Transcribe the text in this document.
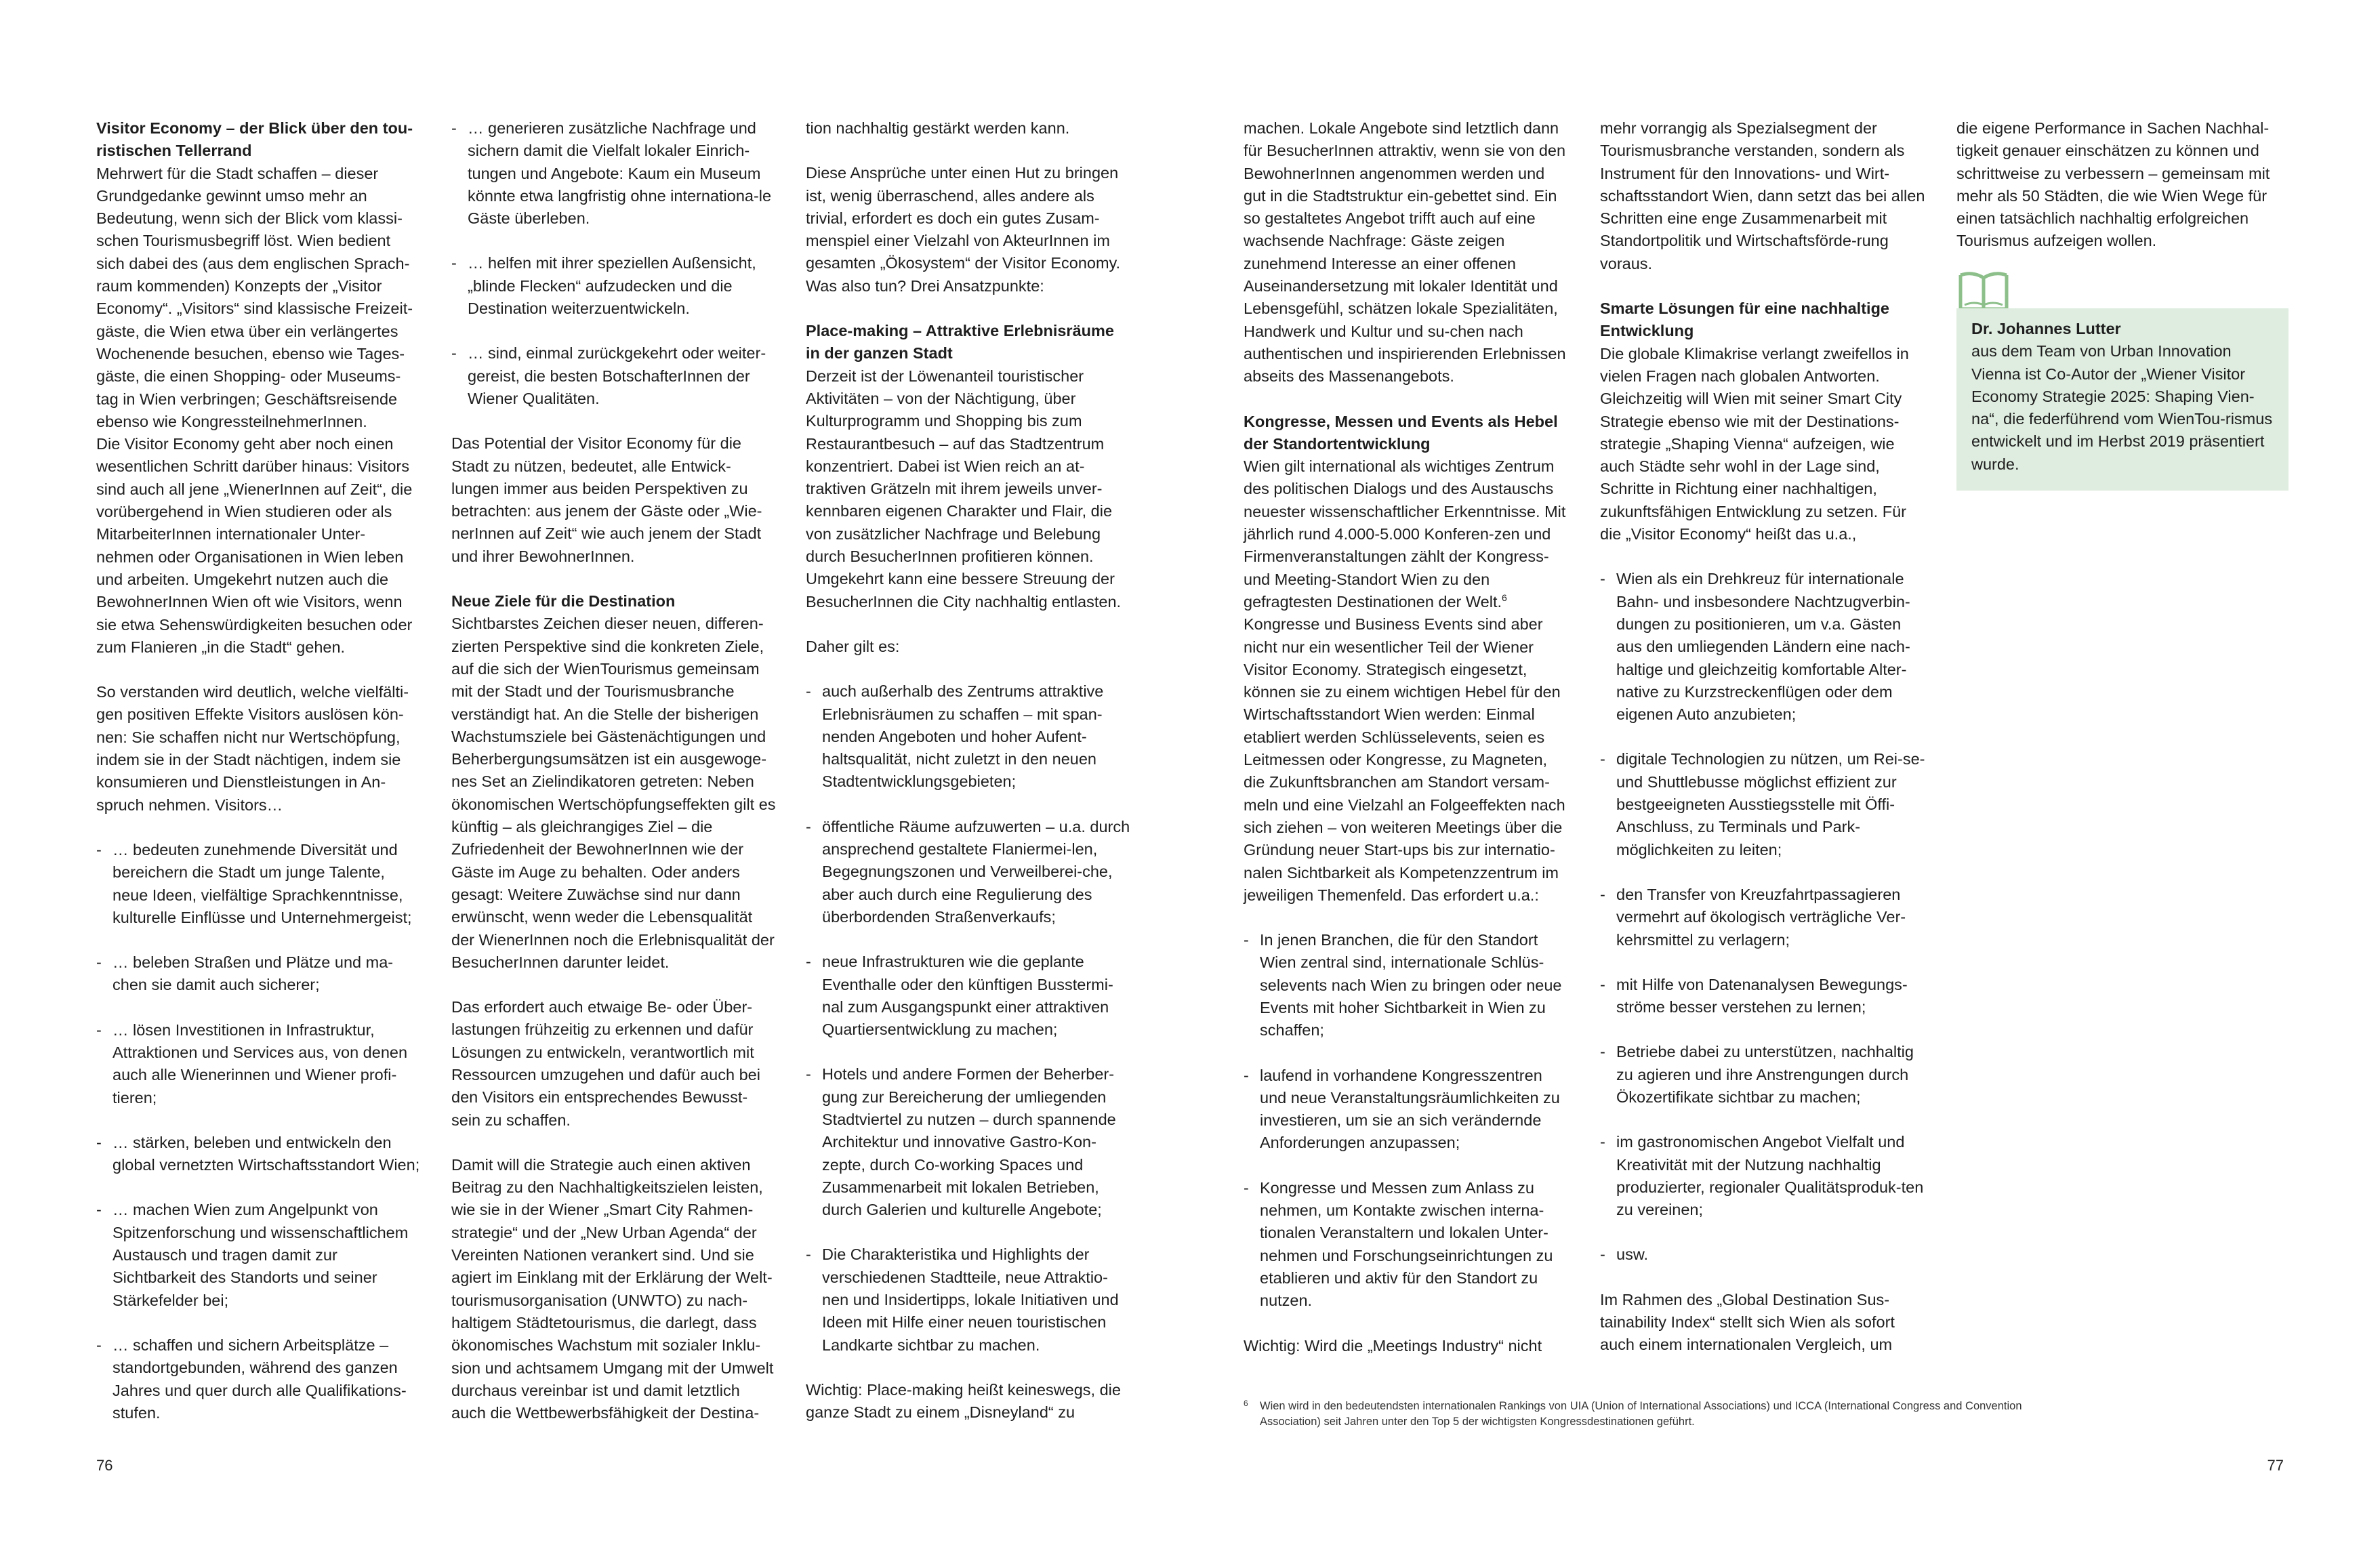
Visitor Economy – der Blick über den tou-
ristischen Tellerrand

Mehrwert für die Stadt schaffen – dieser Grundgedanke gewinnt umso mehr an Bedeutung, wenn sich der Blick vom klassi-schen Tourismusbegriff löst. Wien bedient sich dabei des (aus dem englischen Sprach-raum kommenden) Konzepts der „Visitor Economy“. „Visitors“ sind klassische Freizeit-gäste, die Wien etwa über ein verlängertes Wochenende besuchen, ebenso wie Tages-gäste, die einen Shopping- oder Museums-tag in Wien verbringen; Geschäftsreisende ebenso wie KongressteilnehmerInnen.

Die Visitor Economy geht aber noch einen wesentlichen Schritt darüber hinaus: Visitors sind auch all jene „WienerInnen auf Zeit“, die vorübergehend in Wien studieren oder als MitarbeiterInnen internationaler Unter-nehmen oder Organisationen in Wien leben und arbeiten. Umgekehrt nutzen auch die BewohnerInnen Wien oft wie Visitors, wenn sie etwa Sehenswürdigkeiten besuchen oder zum Flanieren „in die Stadt“ gehen.

So verstanden wird deutlich, welche vielfälti-gen positiven Effekte Visitors auslösen kön-nen: Sie schaffen nicht nur Wertschöpfung, indem sie in der Stadt nächtigen, indem sie konsumieren und Dienstleistungen in An-spruch nehmen. Visitors…

- … bedeuten zunehmende Diversität und bereichern die Stadt um junge Talente, neue Ideen, vielfältige Sprachkenntnisse, kulturelle Einflüsse und Unternehmergeist;
- … beleben Straßen und Plätze und ma-chen sie damit auch sicherer;
- … lösen Investitionen in Infrastruktur, Attraktionen und Services aus, von denen auch alle Wienerinnen und Wiener profi-tieren;
- … stärken, beleben und entwickeln den global vernetzten Wirtschaftsstandort Wien;
- … machen Wien zum Angelpunkt von Spitzenforschung und wissenschaftlichem Austausch und tragen damit zur Sichtbarkeit des Standorts und seiner Stärkefelder bei;
- … schaffen und sichern Arbeitsplätze – standortgebunden, während des ganzen Jahres und quer durch alle Qualifikations-stufen.
- … generieren zusätzliche Nachfrage und sichern damit die Vielfalt lokaler Einrich-tungen und Angebote: Kaum ein Museum könnte etwa langfristig ohne internationa-le Gäste überleben.
- … helfen mit ihrer speziellen Außensicht, „blinde Flecken“ aufzudecken und die Destination weiterzuentwickeln.
- … sind, einmal zurückgekehrt oder weiter-gereist, die besten BotschafterInnen der Wiener Qualitäten.

Das Potential der Visitor Economy für die Stadt zu nützen, bedeutet, alle Entwick-lungen immer aus beiden Perspektiven zu betrachten: aus jenem der Gäste oder „Wie-nerInnen auf Zeit“ wie auch jenem der Stadt und ihrer BewohnerInnen.

Neue Ziele für die Destination

Sichtbarstes Zeichen dieser neuen, differen-zierten Perspektive sind die konkreten Ziele, auf die sich der WienTourismus gemeinsam mit der Stadt und der Tourismusbranche verständigt hat. An die Stelle der bisherigen Wachstumsziele bei Gästenächtigungen und Beherbergungsumsätzen ist ein ausgewoge-nes Set an Zielindikatoren getreten: Neben ökonomischen Wertschöpfungseffekten gilt es künftig – als gleichrangiges Ziel – die Zufriedenheit der BewohnerInnen wie der Gäste im Auge zu behalten. Oder anders gesagt: Weitere Zuwächse sind nur dann erwünscht, wenn weder die Lebensqualität der WienerInnen noch die Erlebnisqualität der BesucherInnen darunter leidet.

Das erfordert auch etwaige Be- oder Über-lastungen frühzeitig zu erkennen und dafür Lösungen zu entwickeln, verantwortlich mit Ressourcen umzugehen und dafür auch bei den Visitors ein entsprechendes Bewusst-sein zu schaffen.

Damit will die Strategie auch einen aktiven Beitrag zu den Nachhaltigkeitszielen leisten, wie sie in der Wiener „Smart City Rahmen-strategie“ und der „New Urban Agenda“ der Vereinten Nationen verankert sind. Und sie agiert im Einklang mit der Erklärung der Welt-tourismusorganisation (UNWTO) zu nach-haltigem Städtetourismus, die darlegt, dass ökonomisches Wachstum mit sozialer Inklu-sion und achtsamem Umgang mit der Umwelt durchaus vereinbar ist und damit letztlich auch die Wettbewerbsfähigkeit der Destina-

tion nachhaltig gestärkt werden kann.

Diese Ansprüche unter einen Hut zu bringen ist, wenig überraschend, alles andere als trivial, erfordert es doch ein gutes Zusam-menspiel einer Vielzahl von AkteurInnen im gesamten „Ökosystem“ der Visitor Economy. Was also tun? Drei Ansatzpunkte:

Place-making – Attraktive Erlebnisräume
in der ganzen Stadt

Derzeit ist der Löwenanteil touristischer Aktivitäten – von der Nächtigung, über Kulturprogramm und Shopping bis zum Restaurantbesuch – auf das Stadtzentrum konzentriert. Dabei ist Wien reich an at-traktiven Grätzeln mit ihrem jeweils unver-kennbaren eigenen Charakter und Flair, die von zusätzlicher Nachfrage und Belebung durch BesucherInnen profitieren können. Umgekehrt kann eine bessere Streuung der BesucherInnen die City nachhaltig entlasten.

Daher gilt es:

- auch außerhalb des Zentrums attraktive Erlebnisräumen zu schaffen – mit span-nenden Angeboten und hoher Aufent-haltsqualität, nicht zuletzt in den neuen Stadtentwicklungsgebieten;
- öffentliche Räume aufzuwerten – u.a. durch ansprechend gestaltete Flaniermei-len, Begegnungszonen und Verweilberei-che, aber auch durch eine Regulierung des überbordenden Straßenverkaufs;
- neue Infrastrukturen wie die geplante Eventhalle oder den künftigen Busstermi-nal zum Ausgangspunkt einer attraktiven Quartiersentwicklung zu machen;
- Hotels und andere Formen der Beherber-gung zur Bereicherung der umliegenden Stadtviertel zu nutzen – durch spannende Architektur und innovative Gastro-Kon-zepte, durch Co-working Spaces und Zusammenarbeit mit lokalen Betrieben, durch Galerien und kulturelle Angebote;
- Die Charakteristika und Highlights der verschiedenen Stadtteile, neue Attraktio-nen und Insidertipps, lokale Initiativen und Ideen mit Hilfe einer neuen touristischen Landkarte sichtbar zu machen.

Wichtig: Place-making heißt keineswegs, die ganze Stadt zu einem „Disneyland“ zu

machen. Lokale Angebote sind letztlich dann für BesucherInnen attraktiv, wenn sie von den BewohnerInnen angenommen werden und gut in die Stadtstruktur ein-gebettet sind. Ein so gestaltetes Angebot trifft auch auf eine wachsende Nachfrage: Gäste zeigen zunehmend Interesse an einer offenen Auseinandersetzung mit lokaler Identität und Lebensgefühl, schätzen lokale Spezialitäten, Handwerk und Kultur und su-chen nach authentischen und inspirierenden Erlebnissen abseits des Massenangebots.

Kongresse, Messen und Events als Hebel
der Standortentwicklung

Wien gilt international als wichtiges Zentrum des politischen Dialogs und des Austauschs neuester wissenschaftlicher Erkenntnisse. Mit jährlich rund 4.000-5.000 Konferen-zen und Firmenveranstaltungen zählt der Kongress- und Meeting-Standort Wien zu den gefragtesten Destinationen der Welt.$^6$ Kongresse und Business Events sind aber nicht nur ein wesentlicher Teil der Wiener Visitor Economy. Strategisch eingesetzt, können sie zu einem wichtigen Hebel für den Wirtschaftsstandort Wien werden: Einmal etabliert werden Schlüsselevents, seien es Leitmessen oder Kongresse, zu Magneten, die Zukunftsbranchen am Standort versam-meln und eine Vielzahl an Folgeeffekten nach sich ziehen – von weiteren Meetings über die Gründung neuer Start-ups bis zur internatio-nalen Sichtbarkeit als Kompetenzzentrum im jeweiligen Themenfeld. Das erfordert u.a.:

- In jenen Branchen, die für den Standort Wien zentral sind, internationale Schlüs-selevents nach Wien zu bringen oder neue Events mit hoher Sichtbarkeit in Wien zu schaffen;
- laufend in vorhandene Kongresszentren und neue Veranstaltungsräumlichkeiten zu investieren, um sie an sich verändernde Anforderungen anzupassen;
- Kongresse und Messen zum Anlass zu nehmen, um Kontakte zwischen interna-tionalen Veranstaltern und lokalen Unter-nehmen und Forschungseinrichtungen zu etablieren und aktiv für den Standort zu nutzen.

Wichtig: Wird die „Meetings Industry“ nicht

mehr vorrangig als Spezialsegment der Tourismusbranche verstanden, sondern als Instrument für den Innovations- und Wirt-schaftsstandort Wien, dann setzt das bei allen Schritten eine enge Zusammenarbeit mit Standortpolitik und Wirtschaftsförde-rung voraus.

Smarte Lösungen für eine nachhaltige
Entwicklung

Die globale Klimakrise verlangt zweifellos in vielen Fragen nach globalen Antworten. Gleichzeitig will Wien mit seiner Smart City Strategie ebenso wie mit der Destinations-strategie „Shaping Vienna“ aufzeigen, wie auch Städte sehr wohl in der Lage sind, Schritte in Richtung einer nachhaltigen, zukunftsfähigen Entwicklung zu setzen. Für die „Visitor Economy“ heißt das u.a.,

- Wien als ein Drehkreuz für internationale Bahn- und insbesondere Nachtzugverbin-dungen zu positionieren, um v.a. Gästen aus den umliegenden Ländern eine nach-haltige und gleichzeitig komfortable Alter-native zu Kurzstreckenflügen oder dem eigenen Auto anzubieten;
- digitale Technologien zu nützen, um Rei-se- und Shuttlebusse möglichst effizient zur bestgeeigneten Ausstiegsstelle mit Öffi-Anschluss, zu Terminals und Park-möglichkeiten zu leiten;
- den Transfer von Kreuzfahrtpassagieren vermehrt auf ökologisch verträgliche Ver-kehrsmittel zu verlagern;
- mit Hilfe von Datenanalysen Bewegungs-ströme besser verstehen zu lernen;
- Betriebe dabei zu unterstützen, nachhaltig zu agieren und ihre Anstrengungen durch Ökozertifikate sichtbar zu machen;
- im gastronomischen Angebot Vielfalt und Kreativität mit der Nutzung nachhaltig produzierter, regionaler Qualitätsproduk-ten zu vereinen;
- usw.

Im Rahmen des „Global Destination Sus-tainability Index“ stellt sich Wien als sofort auch einem internationalen Vergleich, um

die eigene Performance in Sachen Nachhal-tigkeit genauer einschätzen zu können und schrittweise zu verbessern – gemeinsam mit mehr als 50 Städten, die wie Wien Wege für einen tatsächlich nachhaltig erfolgreichen Tourismus aufzeigen wollen.

Dr. Johannes Lutter

aus dem Team von Urban Innovation Vienna ist Co-Autor der „Wiener Visitor Economy Strategie 2025: Shaping Vien-na“, die federführend vom WienTou-rismus entwickelt und im Herbst 2019 präsentiert wurde.

6 Wien wird in den bedeutendsten internationalen Rankings von UIA (Union of International Associations) und ICCA (International Congress and Convention Association) seit Jahren unter den Top 5 der wichtigsten Kongressdestinationen geführt.
76	77
